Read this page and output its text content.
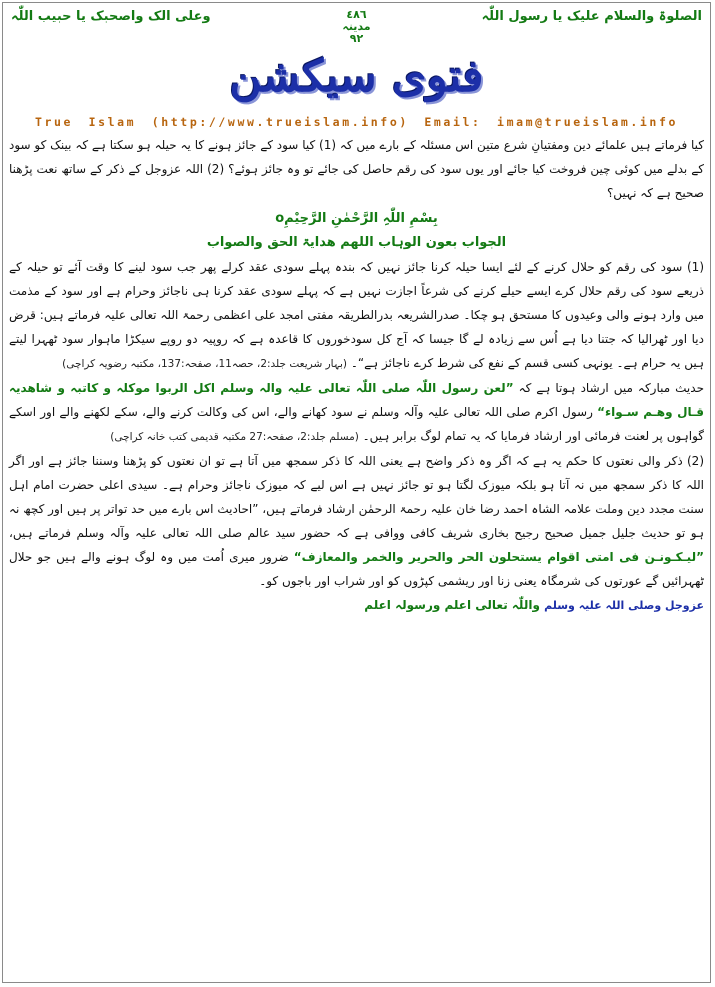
الصلوۃ والسلام علیک یا رسول اللّٰہ
٤٨٦
مدینہ
٩٢
وعلی الک واصحبک یا حبیب اللّٰہ
فتوی سیکشن
True Islam (http://www.trueislam.info) Email: imam@trueislam.info

کیا فرماتے ہیں علمائے دین ومفتیانِ شرع متین اس مسئلہ کے بارے میں کہ (1) کیا سود کے جائز ہونے کا یہ حیلہ ہو سکتا ہے کہ بینک کو سود کے بدلے میں کوئی چین فروخت کیا جائے اور یوں سود کی رقم حاصل کی جائے تو وہ جائز ہوئے؟ (2) اللہ عزوجل کے ذکر کے ساتھ نعت پڑھنا صحیح ہے کہ نہیں؟

بِسْمِ اللّٰہِ الرَّحْمٰنِ الرَّحِیْمِo

الجواب بعون الوہاب اللھم ھدایۃ الحق والصواب

(1) سود کی رقم کو حلال کرنے کے لئے ایسا حیلہ کرنا جائز نہیں کہ بندہ پہلے سودی عقد کرلے پھر جب سود لینے کا وقت آئے تو حیلہ کے ذریعے سود کی رقم حلال کرے ایسے حیلے کرنے کی شرعاً اجازت نہیں ہے کہ پہلے سودی عقد کرنا ہی ناجائز وحرام ہے اور سود کے مذمت میں وارد ہونے والی وعیدوں کا مستحق ہو چکا۔ صدرالشریعہ بدرالطریقہ مفتی امجد علی اعظمی رحمۃ اللہ تعالی علیہ فرماتے ہیں: قرض دیا اور ٹھرالیا کہ جتنا دیا ہے اُس سے زیادہ لے گا جیسا کہ آج کل سودخوروں کا قاعدہ ہے کہ روپیہ دو روپے سیکڑا ماہوار سود ٹھہرا لیتے ہیں یہ حرام ہے۔ یونہی کسی قسم کے نفع کی شرط کرے ناجائز ہے“۔ (بہار شریعت جلد:2، حصہ11، صفحہ:137، مکتبہ رضویہ کراچی)

حدیث مبارکہ میں ارشاد ہوتا ہے کہ ”لعن رسول اللّٰہ صلی اللّٰہ تعالی علیہ والہ وسلم اکل الربوا موکلہ و کاتبہ و شاھدیہ قـال وھـم سـواء“ رسول اکرم صلی اللہ تعالی علیہ وآلہ وسلم نے سود کھانے والے، اس کی وکالت کرنے والے، سکے لکھنے والے اور اسکے گواہوں پر لعنت فرمائی اور ارشاد فرمایا کہ یہ تمام لوگ برابر ہیں۔ (مسلم جلد:2، صفحہ:27 مکتبہ قدیمی کتب خانہ کراچی)

(2) ذکر والی نعتوں کا حکم یہ ہے کہ اگر وہ ذکر واضح ہے یعنی اللہ کا ذکر سمجھ میں آتا ہے تو ان نعتوں کو پڑھنا وسننا جائز ہے اور اگر اللہ کا ذکر سمجھ میں نہ آتا ہو بلکہ میوزک لگتا ہو تو جائز نہیں ہے اس لیے کہ میوزک ناجائز وحرام ہے۔ سیدی اعلی حضرت امام اہل سنت مجدد دین وملت علامہ الشاہ احمد رضا خان علیہ رحمۃ الرحمٰن ارشاد فرماتے ہیں، ”احادیث اس بارے میں حد تواتر پر ہیں اور کچھ نہ ہو تو حدیث جلیل جمیل صحیح رجیح بخاری شریف کافی ووافی ہے کہ حضور سید عالم صلی اللہ تعالی علیہ وآلہ وسلم فرماتے ہیں، ”لیـکـونـن فی امتی اقوام یستحلون الحر والحریر والخمر والمعازف“ ضرور میری اُمت میں وہ لوگ ہونے والے ہیں جو حلال ٹھہرائیں گے عورتوں کی شرمگاہ یعنی زنا اور ریشمی کپڑوں کو اور شراب اور باجوں کو۔

عزوجل وصلی اللہ علیہ وسلم واللّٰہ تعالی اعلم ورسولہ اعلم
